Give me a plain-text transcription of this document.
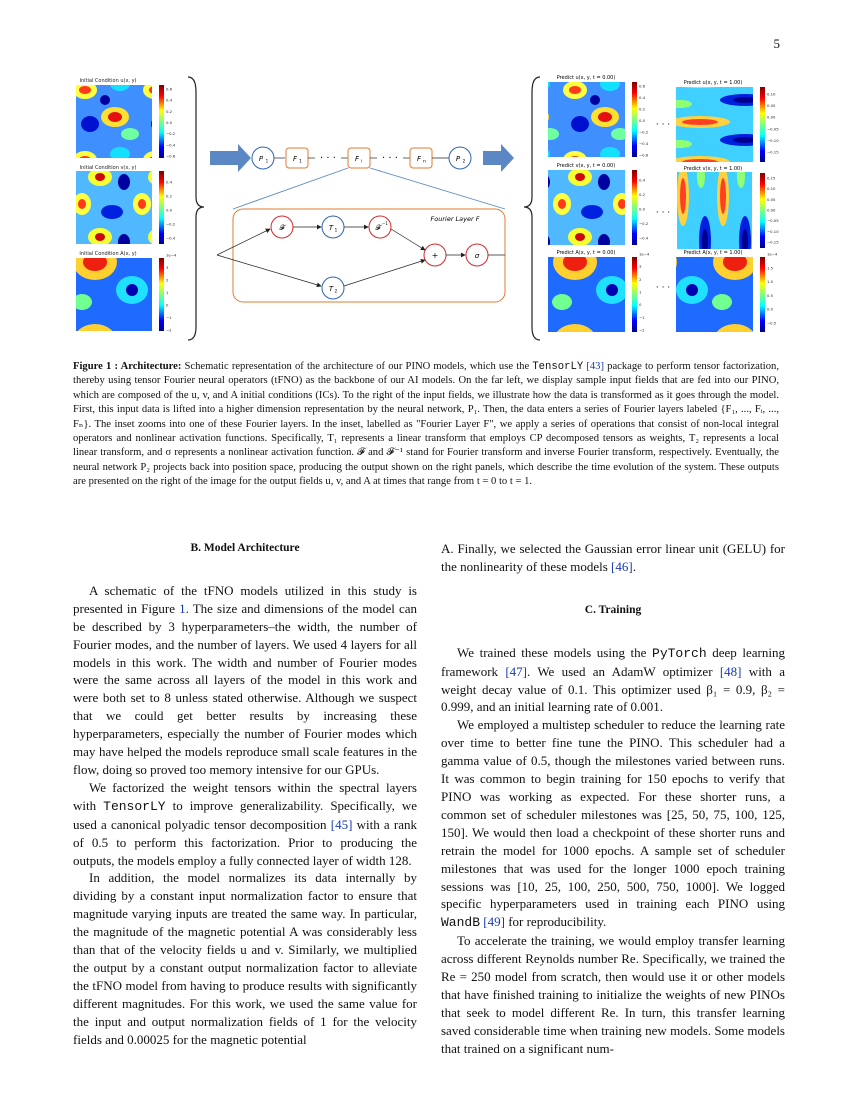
5
Initial Condition u(x, y)
0.6
0.4
0.2
0.0
−0.2
−0.4
−0.6
Initial Condition v(x, y)
0.4
0.2
0.0
−0.2
−0.4
Initial Condition A(x, y)	1e−4
3
2
1
0
−1
−2
P 1	F 1 · · ·	F i · · ·	F n	P 2
Fourier Layer F
𝓕	T 1	𝓕
−1
T 2
+	σ
Predict u(x, y, t = 0.00)
0.6
0.4
0.2
0.0
−0.2
−0.4
−0.6
· · ·
Predict u(x, y, t = 1.00)
0.10
0.05
0.00
−0.05
−0.10
−0.15
Predict v(x, y, t = 0.00)
0.4
0.2
0.0
−0.2
−0.4
· · ·
Predict v(x, y, t = 1.00)
0.15
0.10
0.05
0.00
−0.05
−0.10
−0.15
Predict A(x, y, t = 0.00)	1e−4
3
2
1
0
−1
−2
· · ·
Predict A(x, y, t = 1.00)	1e−4
1.5
1.0
0.5
0.0
−0.5
Figure 1 : Architecture: Schematic representation of the architecture of our PINO models, which use the TensorLY [43] package to perform tensor factorization, thereby using tensor Fourier neural operators (tFNO) as the backbone of our AI models. On the far left, we display sample input fields that are fed into our PINO, which are composed of the u, v, and A initial conditions (ICs). To the right of the input fields, we illustrate how the data is transformed as it goes through the model. First, this input data is lifted into a higher dimension representation by the neural network, P₁. Then, the data enters a series of Fourier layers labeled {F₁, ..., Fᵢ, ..., Fₙ}. The inset zooms into one of these Fourier layers. In the inset, labelled as "Fourier Layer F", we apply a series of operations that consist of non-local integral operators and nonlinear activation functions. Specifically, T₁ represents a linear transform that employs CP decomposed tensors as weights, T₂ represents a local linear transform, and σ represents a nonlinear activation function. 𝓕 and 𝓕⁻¹ stand for Fourier transform and inverse Fourier transform, respectively. Eventually, the neural network P₂ projects back into position space, producing the output shown on the right panels, which describe the time evolution of the system. These outputs are presented on the right of the image for the output fields u, v, and A at times that range from t = 0 to t = 1.

B. Model Architecture

A schematic of the tFNO models utilized in this study is presented in Figure 1. The size and dimensions of the model can be described by 3 hyperparameters–the width, the number of Fourier modes, and the number of layers. We used 4 layers for all models in this work. The width and number of Fourier modes were the same across all layers of the model in this work and were both set to 8 unless stated otherwise. Although we suspect that we could get better results by increasing these hyperparameters, especially the number of Fourier modes which may have helped the models reproduce small scale features in the flow, doing so proved too memory intensive for our GPUs.

We factorized the weight tensors within the spectral layers with TensorLY to improve generalizability. Specifically, we used a canonical polyadic tensor decomposition [45] with a rank of 0.5 to perform this factorization. Prior to producing the outputs, the models employ a fully connected layer of width 128.

In addition, the model normalizes its data internally by dividing by a constant input normalization factor to ensure that magnitude varying inputs are treated the same way. In particular, the magnitude of the magnetic potential A was considerably less than that of the velocity fields u and v. Similarly, we multiplied the output by a constant output normalization factor to alleviate the tFNO model from having to produce results with significantly different magnitudes. For this work, we used the same value for the input and output normalization fields of 1 for the velocity fields and 0.00025 for the magnetic potential

A. Finally, we selected the Gaussian error linear unit (GELU) for the nonlinearity of these models [46].

C. Training

We trained these models using the PyTorch deep learning framework [47]. We used an AdamW optimizer [48] with a weight decay value of 0.1. This optimizer used β₁ = 0.9, β₂ = 0.999, and an initial learning rate of 0.001.

We employed a multistep scheduler to reduce the learning rate over time to better fine tune the PINO. This scheduler had a gamma value of 0.5, though the milestones varied between runs. It was common to begin training for 150 epochs to verify that PINO was working as expected. For these shorter runs, a common set of scheduler milestones was [25, 50, 75, 100, 125, 150]. We would then load a checkpoint of these shorter runs and retrain the model for 1000 epochs. A sample set of scheduler milestones that was used for the longer 1000 epoch training sessions was [10, 25, 100, 250, 500, 750, 1000]. We logged specific hyperparameters used in training each PINO using WandB [49] for reproducibility.

To accelerate the training, we would employ transfer learning across different Reynolds number Re. Specifically, we trained the Re = 250 model from scratch, then would use it or other models that have finished training to initialize the weights of new PINOs that seek to model different Re. In turn, this transfer learning saved considerable time when training new models. Some models that trained on a significant num-
